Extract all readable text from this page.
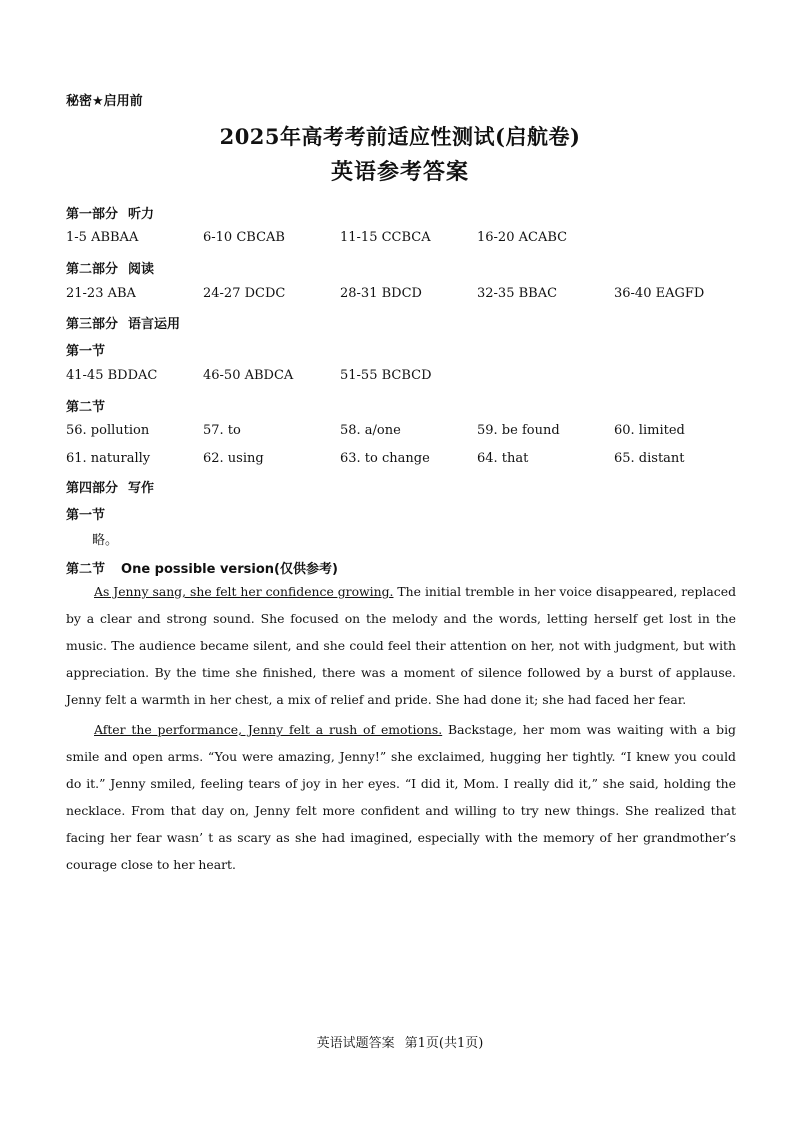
秘密★启用前
2025年高考考前适应性测试(启航卷)
英语参考答案
第一部分 听力
1-5 ABBAA	6-10 CBCAB	11-15 CCBCA	16-20 ACABC
第二部分 阅读
21-23 ABA	24-27 DCDC	28-31 BDCD	32-35 BBAC	36-40 EAGFD
第三部分 语言运用
第一节
41-45 BDDAC	46-50 ABDCA	51-55 BCBCD
第二节
56. pollution	57. to	58. a/one	59. be found	60. limited
61. naturally	62. using	63. to change	64. that	65. distant
第四部分 写作
第一节
略。
第二节 One possible version(仅供参考)
As Jenny sang, she felt her confidence growing. The initial tremble in her voice disappeared, replaced by a clear and strong sound. She focused on the melody and the words, letting herself get lost in the music. The audience became silent, and she could feel their attention on her, not with judgment, but with appreciation. By the time she finished, there was a moment of silence followed by a burst of applause. Jenny felt a warmth in her chest, a mix of relief and pride. She had done it; she had faced her fear.
After the performance, Jenny felt a rush of emotions. Backstage, her mom was waiting with a big smile and open arms. “You were amazing, Jenny!” she exclaimed, hugging her tightly. “I knew you could do it.” Jenny smiled, feeling tears of joy in her eyes. “I did it, Mom. I really did it,” she said, holding the necklace. From that day on, Jenny felt more confident and willing to try new things. She realized that facing her fear wasn’ t as scary as she had imagined, especially with the memory of her grandmother’s courage close to her heart.
英语试题答案 第1页(共1页)
